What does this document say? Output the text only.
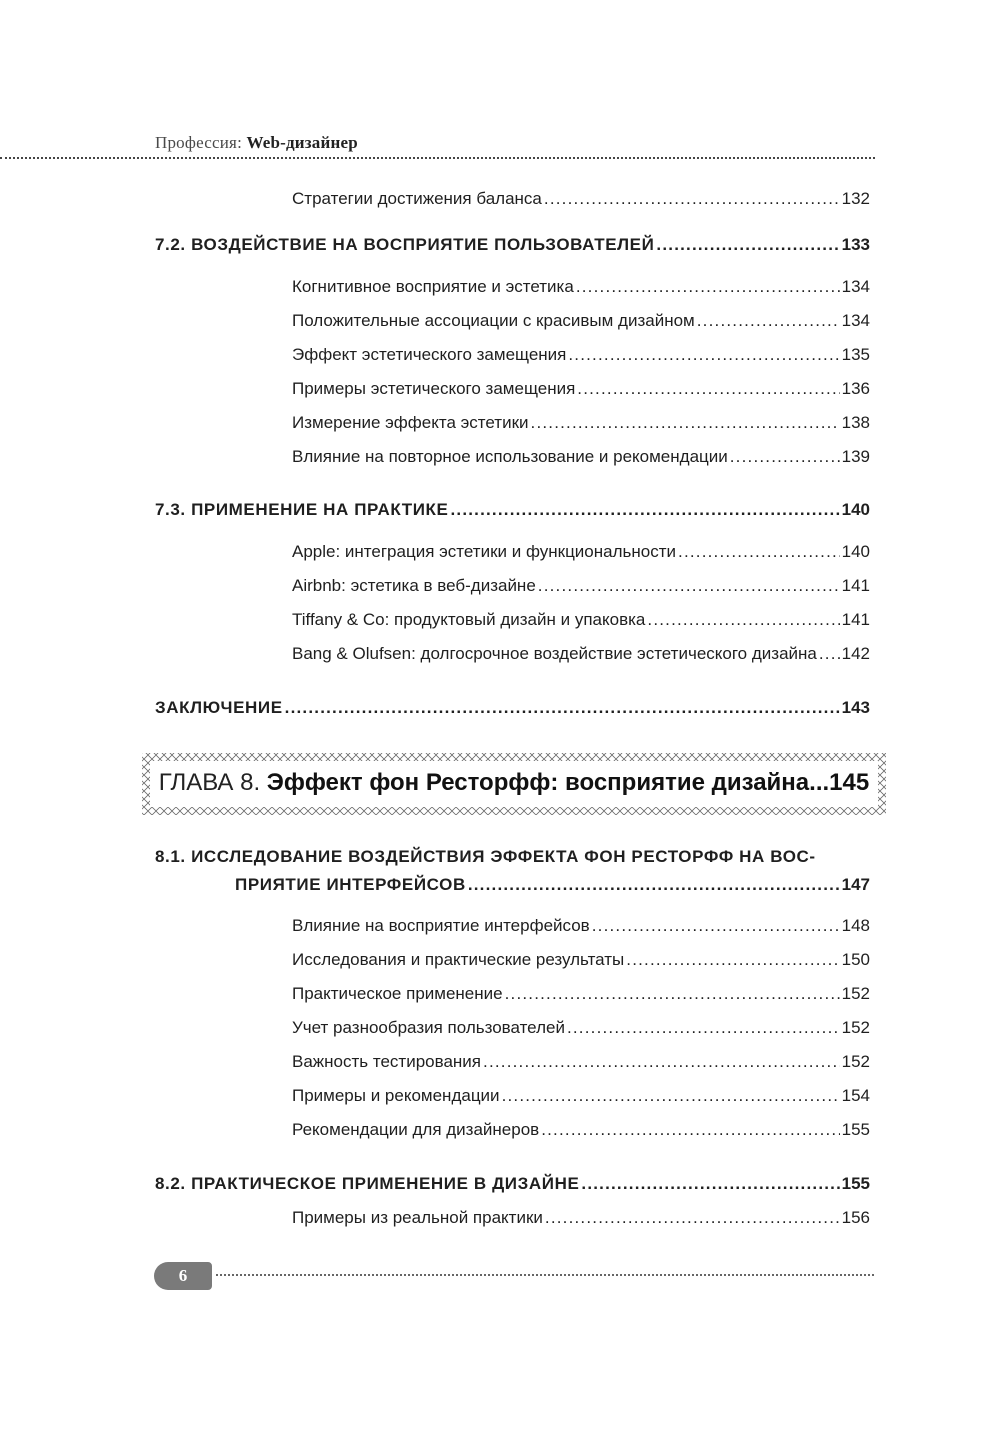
Профессия: Web-дизайнер
Стратегии достижения баланса .....	132
7.2. ВОЗДЕЙСТВИЕ НА ВОСПРИЯТИЕ ПОЛЬЗОВАТЕЛЕЙ .....	133
Когнитивное восприятие и эстетика .....	134
Положительные ассоциации с красивым дизайном .....	134
Эффект эстетического замещения .....	135
Примеры эстетического замещения .....	136
Измерение эффекта эстетики .....	138
Влияние на повторное использование и рекомендации .....	139
7.3. ПРИМЕНЕНИЕ НА ПРАКТИКЕ .....	140
Apple: интеграция эстетики и функциональности .....	140
Airbnb: эстетика в веб-дизайне .....	141
Tiffany & Co: продуктовый дизайн и упаковка .....	141
Bang & Olufsen: долгосрочное воздействие эстетического дизайна ..... 142
ЗАКЛЮЧЕНИЕ .....	143
ГЛАВА 8. Эффект фон Ресторфф: восприятие дизайна...145
8.1. ИССЛЕДОВАНИЕ ВОЗДЕЙСТВИЯ ЭФФЕКТА ФОН РЕСТОРФФ НА ВОС-
ПРИЯТИЕ ИНТЕРФЕЙСОВ .....	147
Влияние на восприятие интерфейсов .....	148
Исследования и практические результаты .....	150
Практическое применение .....	152
Учет разнообразия пользователей .....	152
Важность тестирования .....	152
Примеры и рекомендации .....	154
Рекомендации для дизайнеров .....	155
8.2. ПРАКТИЧЕСКОЕ ПРИМЕНЕНИЕ В ДИЗАЙНЕ .....	155
Примеры из реальной практики .....	156
6
